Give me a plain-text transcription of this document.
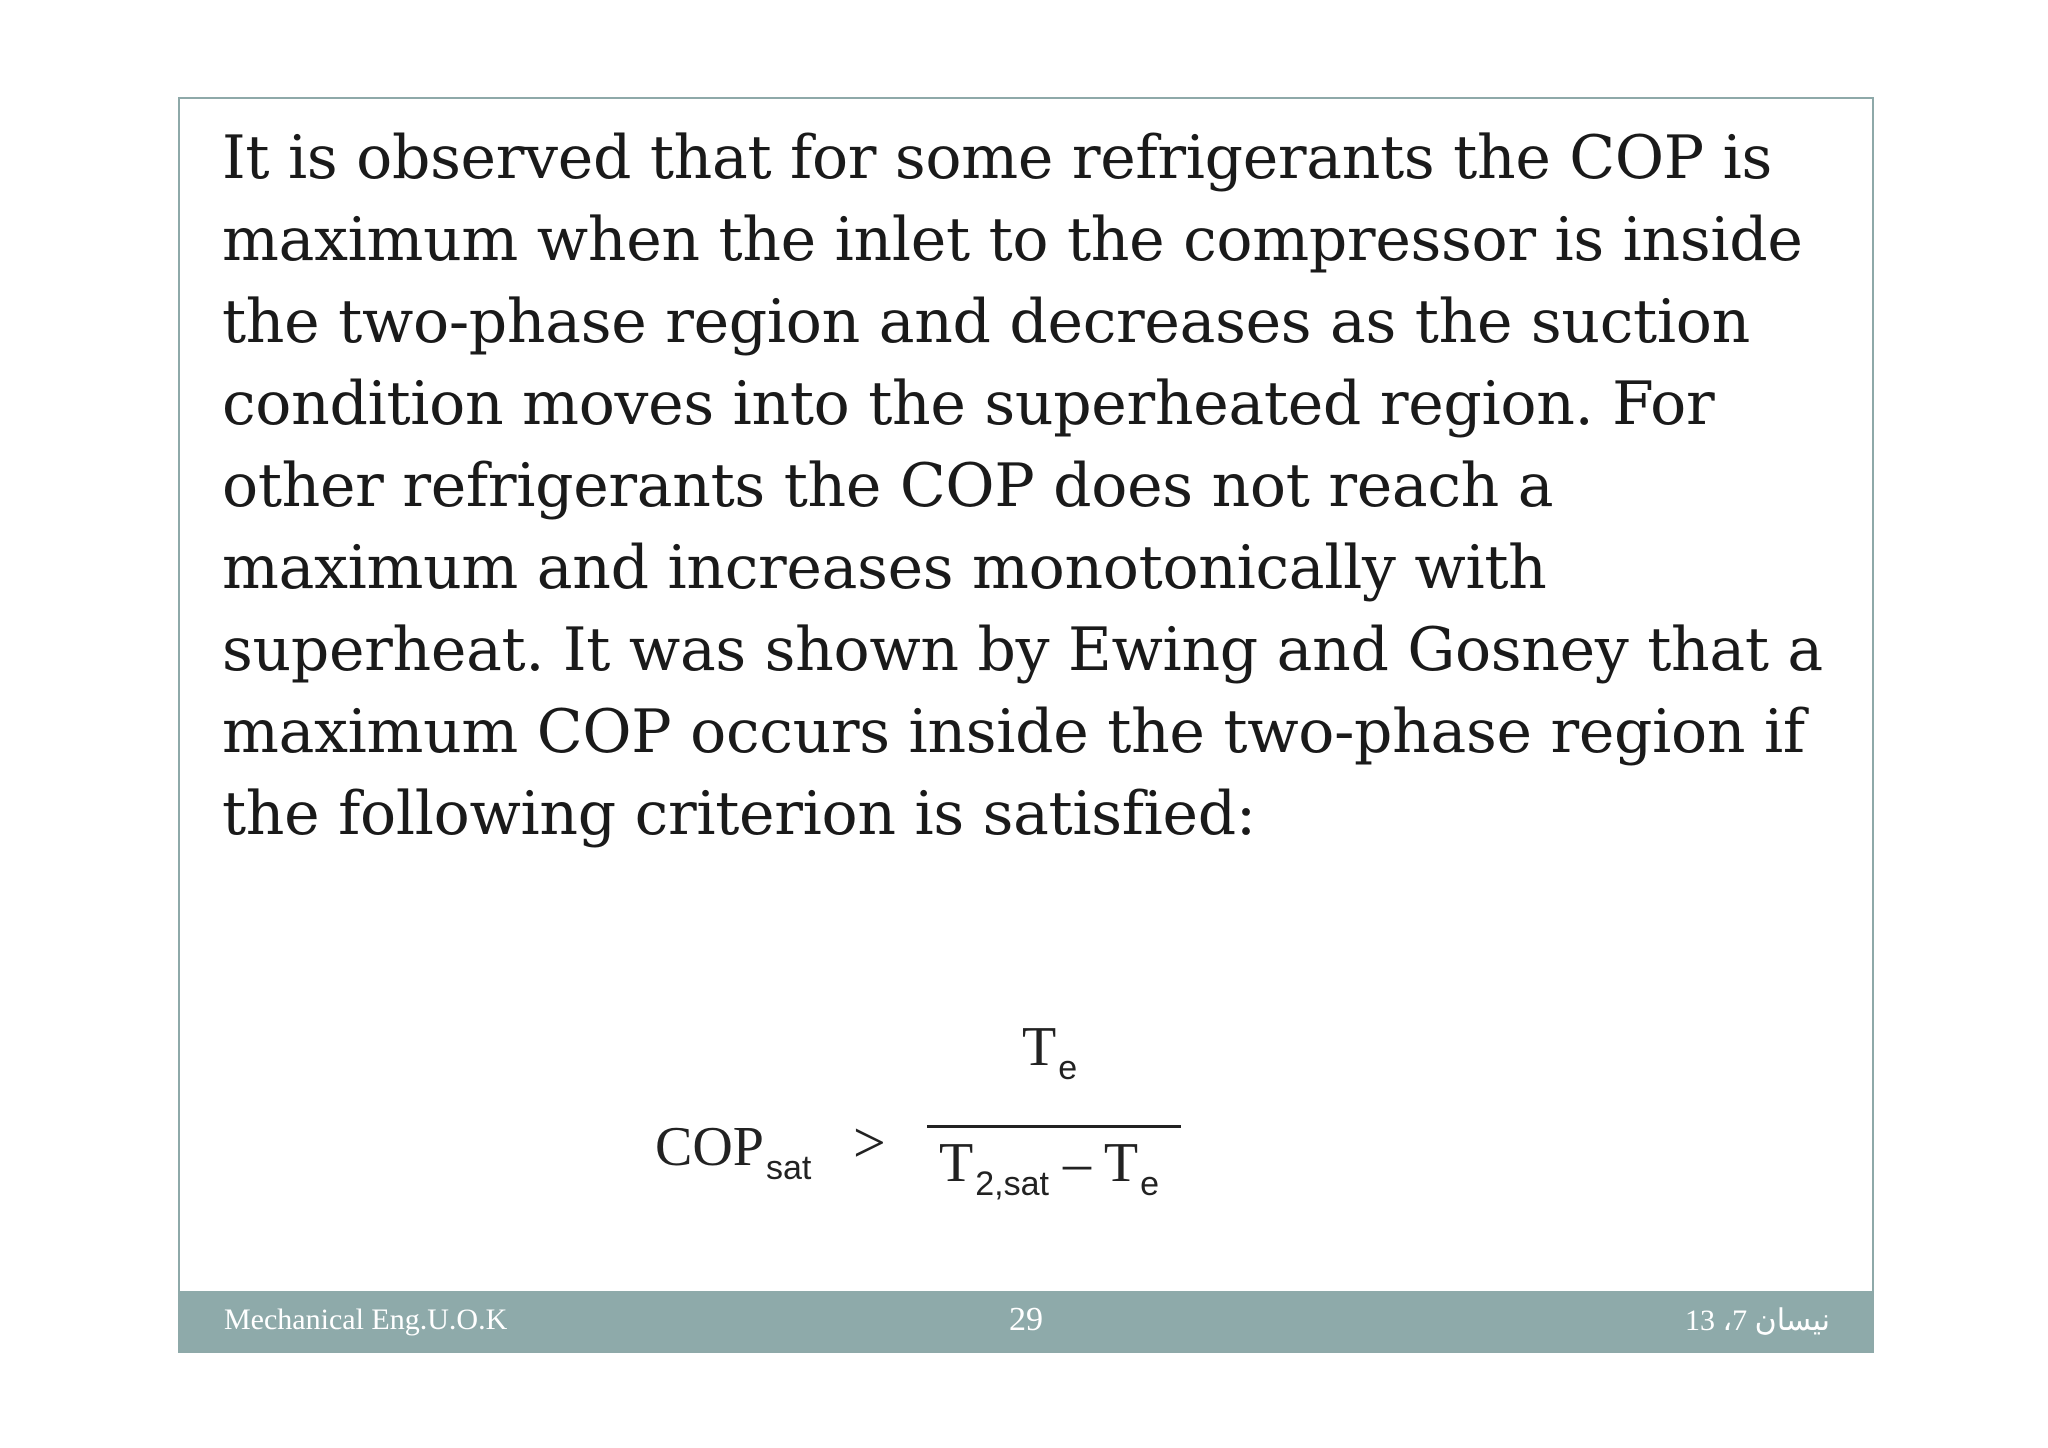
It is observed that for some refrigerants the COP is maximum when the inlet to the compressor is inside the two-phase region and decreases as the suction condition moves into the superheated region. For other refrigerants the COP does not reach a maximum and increases monotonically with superheat. It was shown by Ewing and Gosney that a maximum COP occurs inside the two-phase region if the following criterion is satisfied:

$COP_{sat}$ >
$T_e$
$T_{2,sat} - T_e$
Mechanical Eng.U.O.K	29	نيسان 7، 13
